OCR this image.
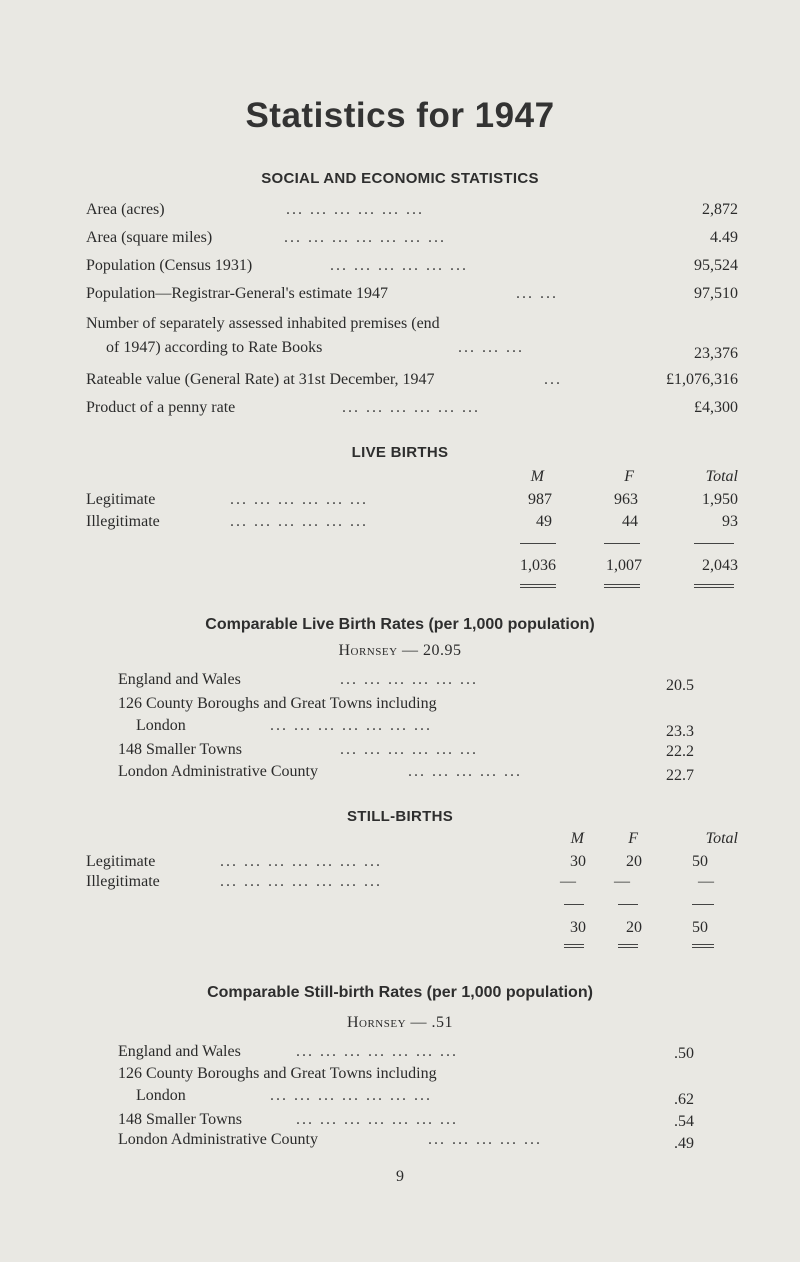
Statistics for 1947
SOCIAL AND ECONOMIC STATISTICS
Area (acres)	... ... ... ... ... ...	2,872
Area (square miles)	... ... ... ... ... ... ...	4.49
Population (Census 1931)	... ... ... ... ... ...	95,524
Population—Registrar-General's estimate 1947	... ...	97,510
Number of separately assessed inhabited premises (end
of 1947) according to Rate Books	... ... ...	23,376
Rateable value (General Rate) at 31st December, 1947	...	£1,076,316
Product of a penny rate	... ... ... ... ... ...	£4,300
LIVE BIRTHS
M	F	Total
Legitimate	... ... ... ... ... ...	987	963	1,950
Illegitimate	... ... ... ... ... ...	49	44	93
1,036	1,007	2,043
Comparable Live Birth Rates (per 1,000 population)
Hornsey — 20.95
England and Wales	... ... ... ... ... ...	20.5
126 County Boroughs and Great Towns including
London	... ... ... ... ... ... ...	23.3
148 Smaller Towns	... ... ... ... ... ...	22.2
London Administrative County	... ... ... ... ...	22.7
STILL-BIRTHS
M	F	Total
Legitimate	... ... ... ... ... ... ...	30	20	50
Illegitimate	... ... ... ... ... ... ...	—	—	—
30	20	50
Comparable Still-birth Rates (per 1,000 population)
Hornsey — .51
England and Wales	... ... ... ... ... ... ...	.50
126 County Boroughs and Great Towns including
London	... ... ... ... ... ... ...	.62
148 Smaller Towns	... ... ... ... ... ... ...	.54
London Administrative County	... ... ... ... ...	.49
9
